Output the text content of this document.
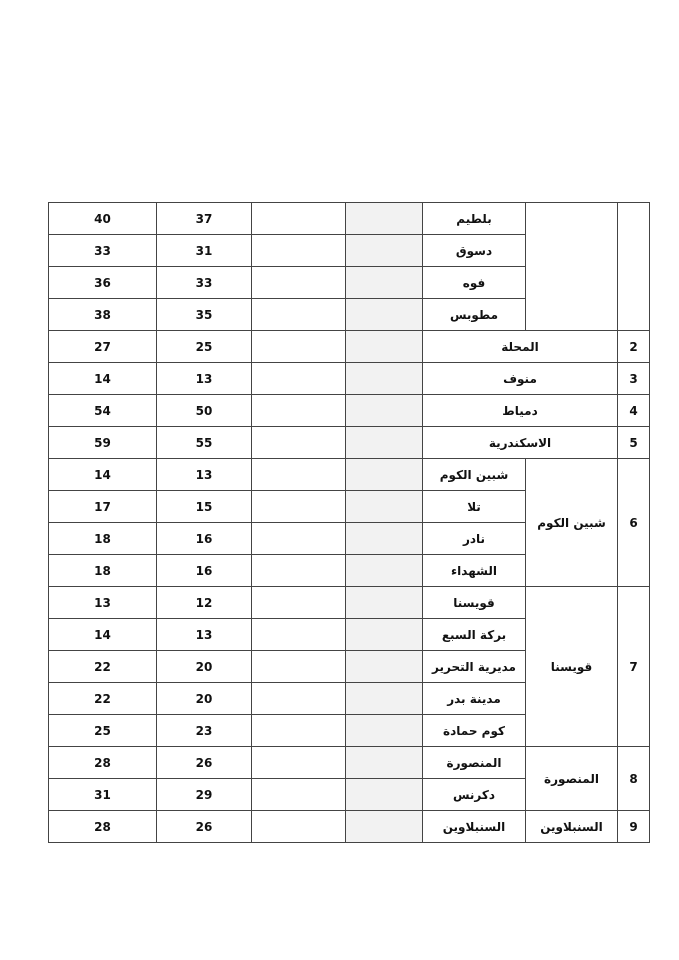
40	37			بلطيم		
33	31			دسوق		
36	33			فوه		
38	35			مطوبس		
27	25			المحلة		2
14	13			منوف		3
54	50			دمياط		4
59	55			الاسكندرية		5
14	13			شبين الكوم	شبين الكوم	6
17	15			تلا		
18	16			نادر		
18	16			الشهداء		
13	12			قويسنا	قويسنا	7
14	13			بركة السبع		
22	20			مديرية التحرير		
22	20			مدينة بدر		
25	23			كوم حمادة		
28	26			المنصورة	المنصورة	8
31	29			دكرنس		
28	26			السنبلاوين	السنبلاوين	9
